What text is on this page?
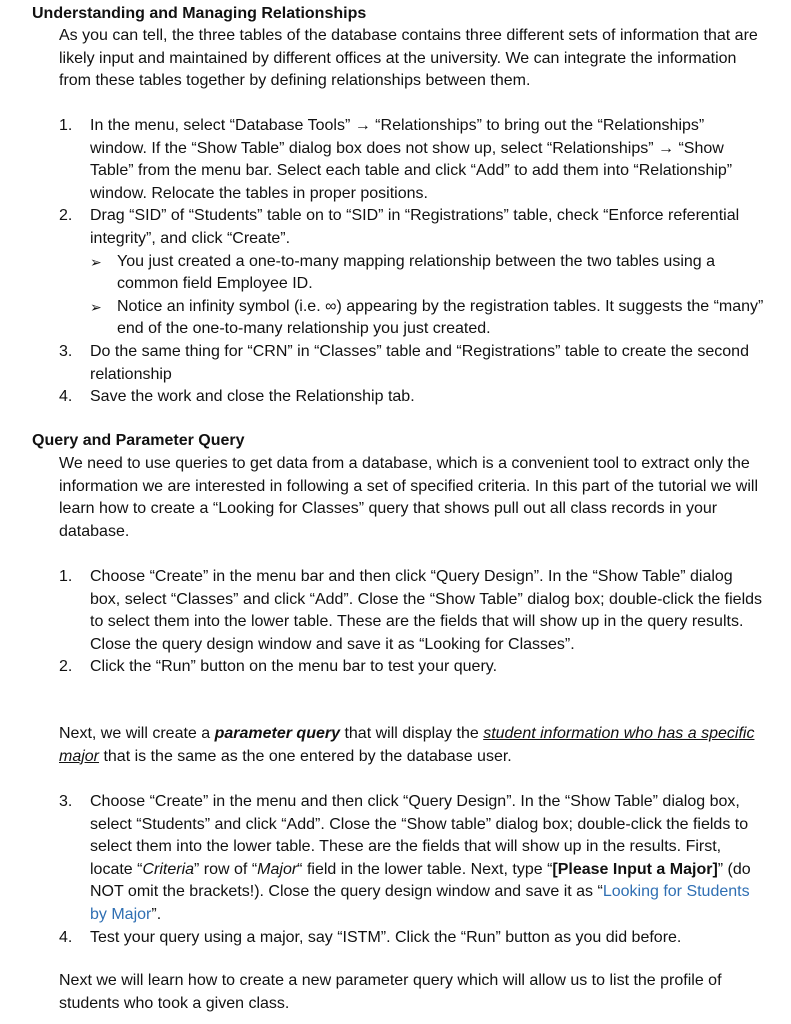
Understanding and Managing Relationships

As you can tell, the three tables of the database contains three different sets of information that are likely input and maintained by different offices at the university. We can integrate the information from these tables together by defining relationships between them.

1.	In the menu, select “Database Tools” → “Relationships” to bring out the “Relationships” window. If the “Show Table” dialog box does not show up, select “Relationships” → “Show Table” from the menu bar. Select each table and click “Add” to add them into “Relationship” window. Relocate the tables in proper positions.
2.	Drag “SID” of “Students” table on to “SID” in “Registrations” table, check “Enforce referential integrity”, and click “Create”.
➢ You just created a one-to-many mapping relationship between the two tables using a common field Employee ID.
➢ Notice an infinity symbol (i.e. ∞) appearing by the registration tables. It suggests the “many” end of the one-to-many relationship you just created.
3.	Do the same thing for “CRN” in “Classes” table and “Registrations” table to create the second relationship
4.	Save the work and close the Relationship tab.
Query and Parameter Query

We need to use queries to get data from a database, which is a convenient tool to extract only the information we are interested in following a set of specified criteria. In this part of the tutorial we will learn how to create a “Looking for Classes” query that shows pull out all class records in your database.

1.	Choose “Create” in the menu bar and then click “Query Design”. In the “Show Table” dialog box, select “Classes” and click “Add”. Close the “Show Table” dialog box; double-click the fields to select them into the lower table. These are the fields that will show up in the query results. Close the query design window and save it as “Looking for Classes”.
2.	Click the “Run” button on the menu bar to test your query.

Next, we will create a parameter query that will display the student information who has a specific major that is the same as the one entered by the database user.

3.	Choose “Create” in the menu and then click “Query Design”. In the “Show Table” dialog box, select “Students” and click “Add”. Close the “Show table” dialog box; double-click the fields to select them into the lower table. These are the fields that will show up in the results. First, locate “Criteria” row of “Major“ field in the lower table. Next, type “[Please Input a Major]” (do NOT omit the brackets!). Close the query design window and save it as “Looking for Students by Major”.
4.	Test your query using a major, say “ISTM”. Click the “Run” button as you did before.

Next we will learn how to create a new parameter query which will allow us to list the profile of students who took a given class.
